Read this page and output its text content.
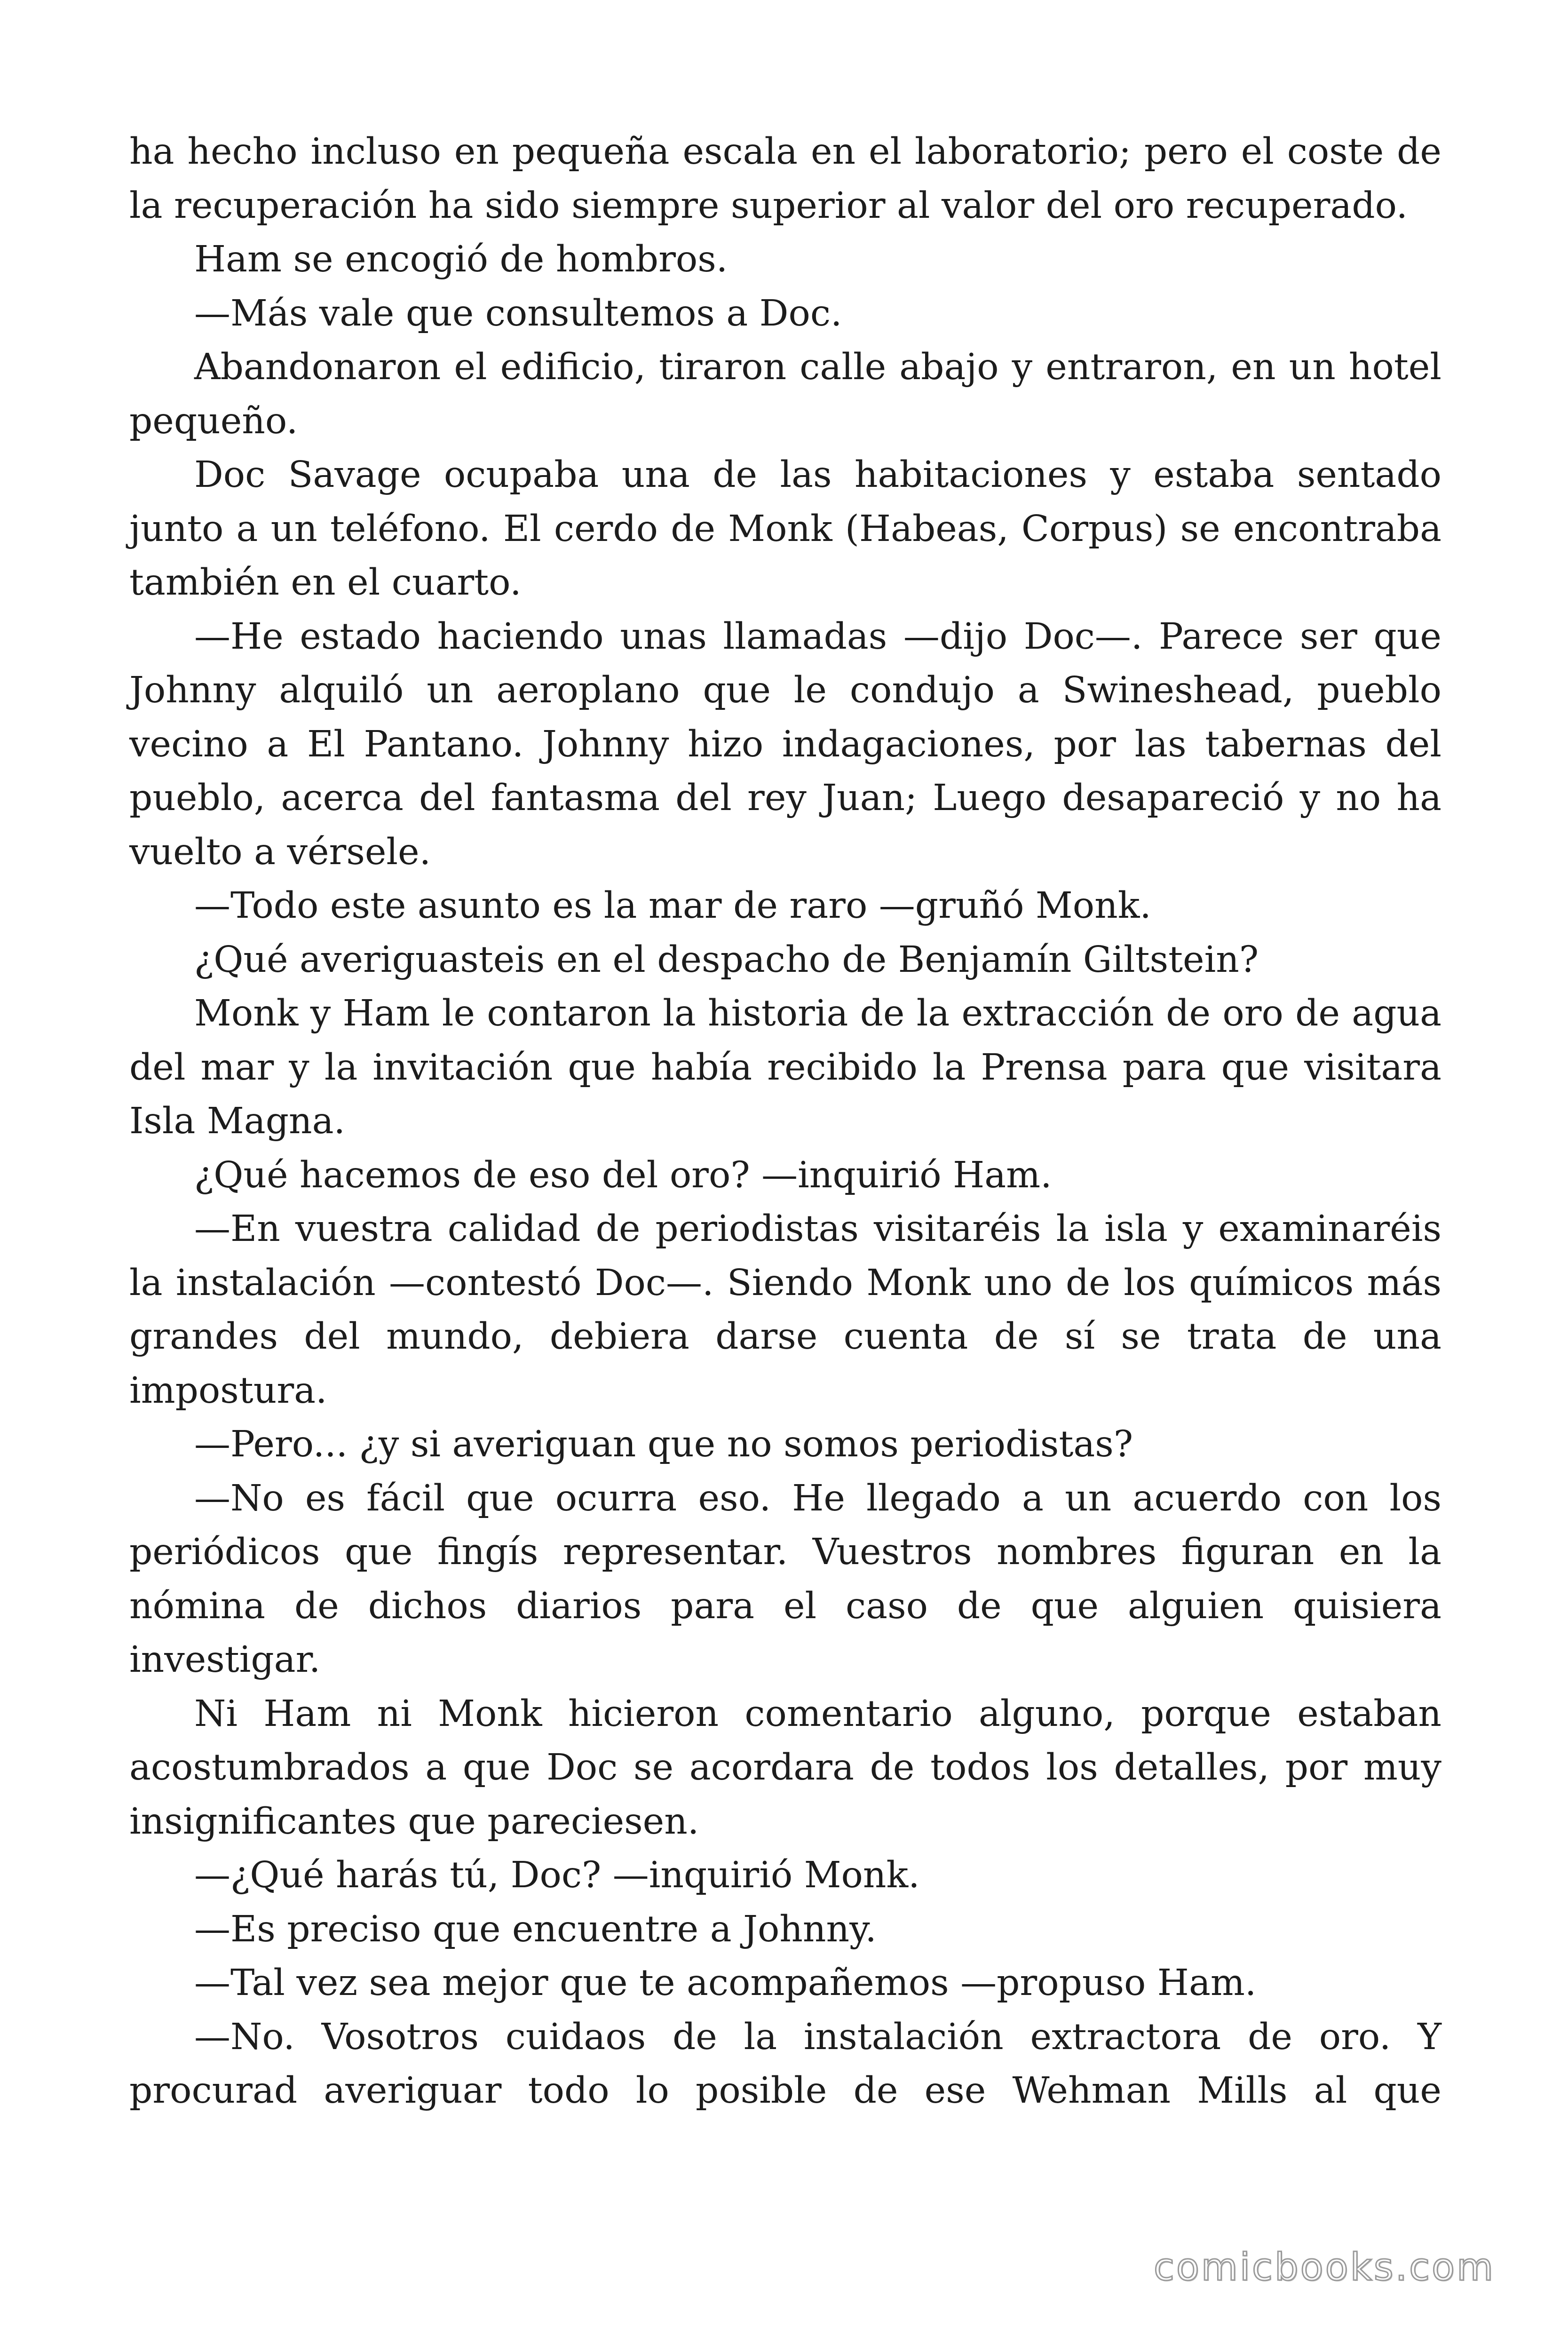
ha hecho incluso en pequeña escala en el laboratorio; pero el coste de la recuperación ha sido siempre superior al valor del oro recuperado.

Ham se encogió de hombros.

—Más vale que consultemos a Doc.

Abandonaron el edificio, tiraron calle abajo y entraron, en un hotel pequeño.

Doc Savage ocupaba una de las habitaciones y estaba sentado junto a un teléfono. El cerdo de Monk (Habeas, Corpus) se encontraba también en el cuarto.

—He estado haciendo unas llamadas —dijo Doc—. Parece ser que Johnny alquiló un aeroplano que le condujo a Swineshead, pueblo vecino a El Pantano. Johnny hizo indagaciones, por las tabernas del pueblo, acerca del fantasma del rey Juan; Luego desapareció y no ha vuelto a vérsele.

—Todo este asunto es la mar de raro —gruñó Monk.

¿Qué averiguasteis en el despacho de Benjamín Giltstein?

Monk y Ham le contaron la historia de la extracción de oro de agua del mar y la invitación que había recibido la Prensa para que visitara Isla Magna.

¿Qué hacemos de eso del oro? —inquirió Ham.

—En vuestra calidad de periodistas visitaréis la isla y examinaréis la instalación —contestó Doc—. Siendo Monk uno de los químicos más grandes del mundo, debiera darse cuenta de sí se trata de una impostura.

—Pero... ¿y si averiguan que no somos periodistas?

—No es fácil que ocurra eso. He llegado a un acuerdo con los periódicos que fingís representar. Vuestros nombres figuran en la nómina de dichos diarios para el caso de que alguien quisiera investigar.

Ni Ham ni Monk hicieron comentario alguno, porque estaban acostumbrados a que Doc se acordara de todos los detalles, por muy insignificantes que pareciesen.

—¿Qué harás tú, Doc? —inquirió Monk.

—Es preciso que encuentre a Johnny.

—Tal vez sea mejor que te acompañemos —propuso Ham.

—No. Vosotros cuidaos de la instalación extractora de oro. Y procurad averiguar todo lo posible de ese Wehman Mills al que

comicbooks.com
